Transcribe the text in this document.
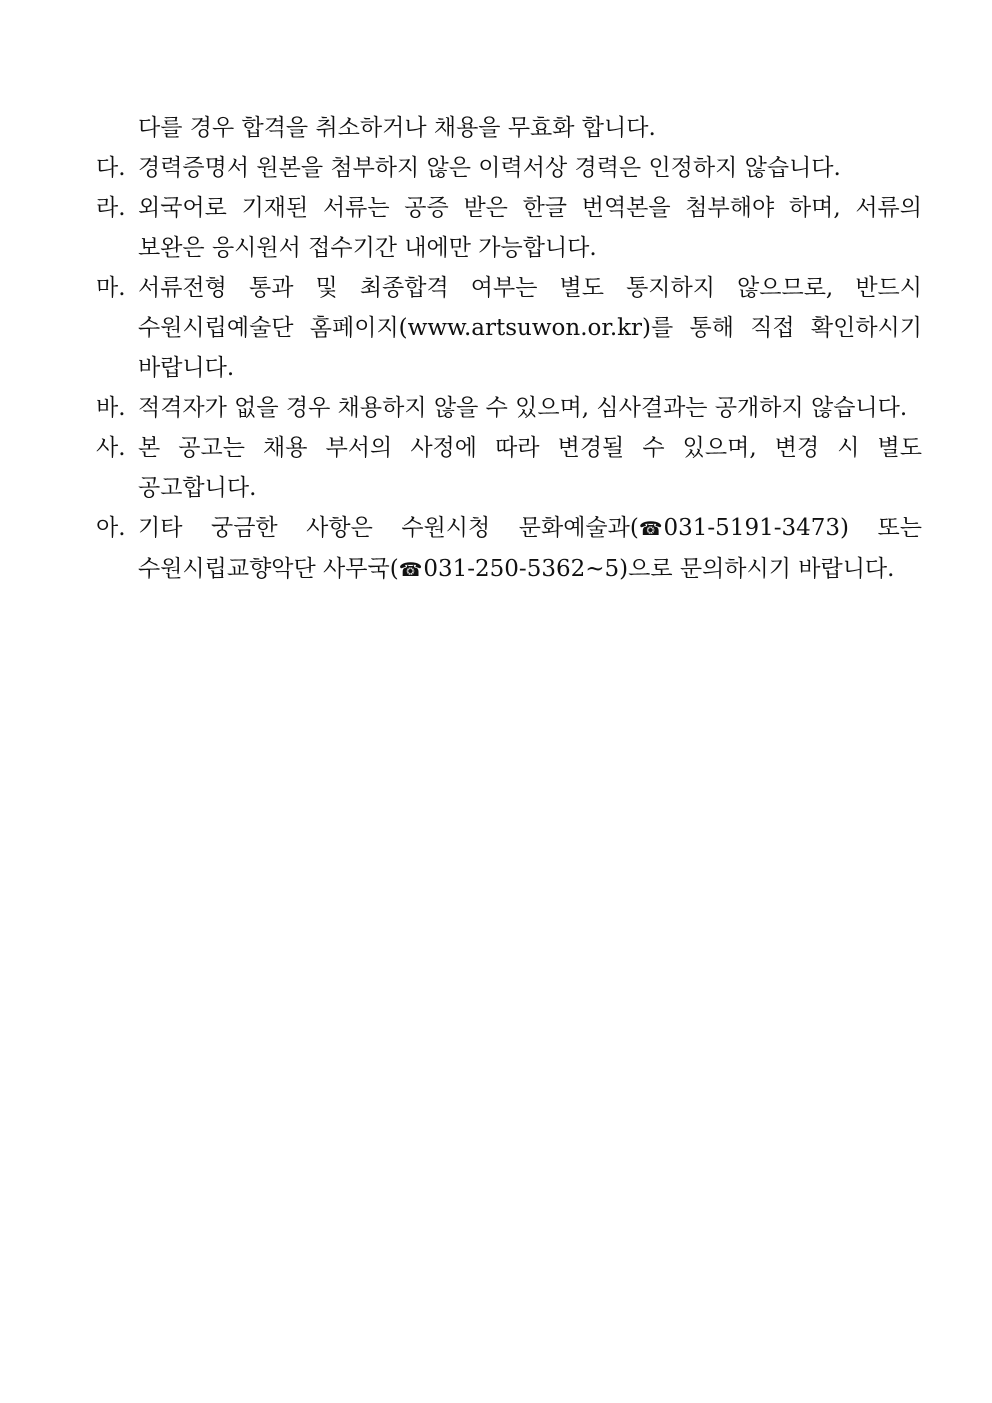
다를 경우 합격을 취소하거나 채용을 무효화 합니다.
다. 경력증명서 원본을 첨부하지 않은 이력서상 경력은 인정하지 않습니다.
라. 외국어로 기재된 서류는 공증 받은 한글 번역본을 첨부해야 하며, 서류의 보완은 응시원서 접수기간 내에만 가능합니다.
마. 서류전형 통과 및 최종합격 여부는 별도 통지하지 않으므로, 반드시 수원시립예술단 홈페이지(www.artsuwon.or.kr)를 통해 직접 확인하시기 바랍니다.
바. 적격자가 없을 경우 채용하지 않을 수 있으며, 심사결과는 공개하지 않습니다.
사. 본 공고는 채용 부서의 사정에 따라 변경될 수 있으며, 변경 시 별도 공고합니다.
아. 기타 궁금한 사항은 수원시청 문화예술과(☎031-5191-3473) 또는 수원시립교향악단 사무국(☎031-250-5362~5)으로 문의하시기 바랍니다.
